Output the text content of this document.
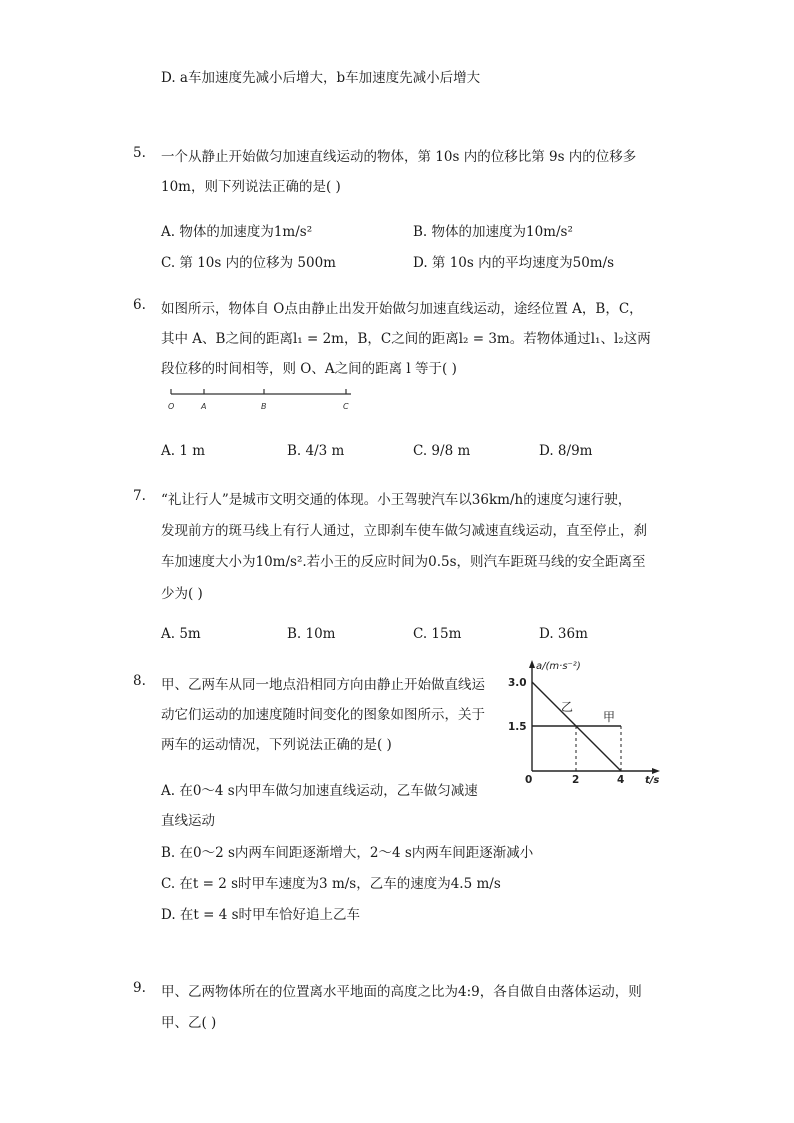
D. a车加速度先减小后增大，b车加速度先减小后增大
5. 一个从静止开始做匀加速直线运动的物体，第 10s 内的位移比第 9s 内的位移多
10m，则下列说法正确的是( )
A. 物体的加速度为1m/s²	B. 物体的加速度为10m/s²
C. 第 10s 内的位移为 500m	D. 第 10s 内的平均速度为50m/s
6. 如图所示，物体自 O点由静止出发开始做匀加速直线运动，途经位置 A，B，C，
其中 A、B之间的距离l₁ = 2m，B，C之间的距离l₂ = 3m。若物体通过l₁、l₂这两
段位移的时间相等，则 O、A之间的距离 l 等于( )
O	A	B	C
A. 1 m	B. 4/3 m	C. 9/8 m	D. 8/9m
7. “礼让行人”是城市文明交通的体现。小王驾驶汽车以36km/h的速度匀速行驶，
发现前方的斑马线上有行人通过，立即刹车使车做匀减速直线运动，直至停止，刹
车加速度大小为10m/s².若小王的反应时间为0.5s，则汽车距斑马线的安全距离至
少为( )
A. 5m	B. 10m	C. 15m	D. 36m
8. 甲、乙两车从同一地点沿相同方向由静止开始做直线运
动它们运动的加速度随时间变化的图象如图所示，关于
两车的运动情况，下列说法正确的是( )
A. 在0～4 s内甲车做匀加速直线运动，乙车做匀减速
直线运动
B. 在0～2 s内两车间距逐渐增大，2～4 s内两车间距逐渐减小
C. 在t = 2 s时甲车速度为3 m/s，乙车的速度为4.5 m/s
D. 在t = 4 s时甲车恰好追上乙车
a/(m·s⁻²)
3.0
1.5
0	2	4 t/s
乙
甲
9. 甲、乙两物体所在的位置离水平地面的高度之比为4:9，各自做自由落体运动，则
甲、乙( )
